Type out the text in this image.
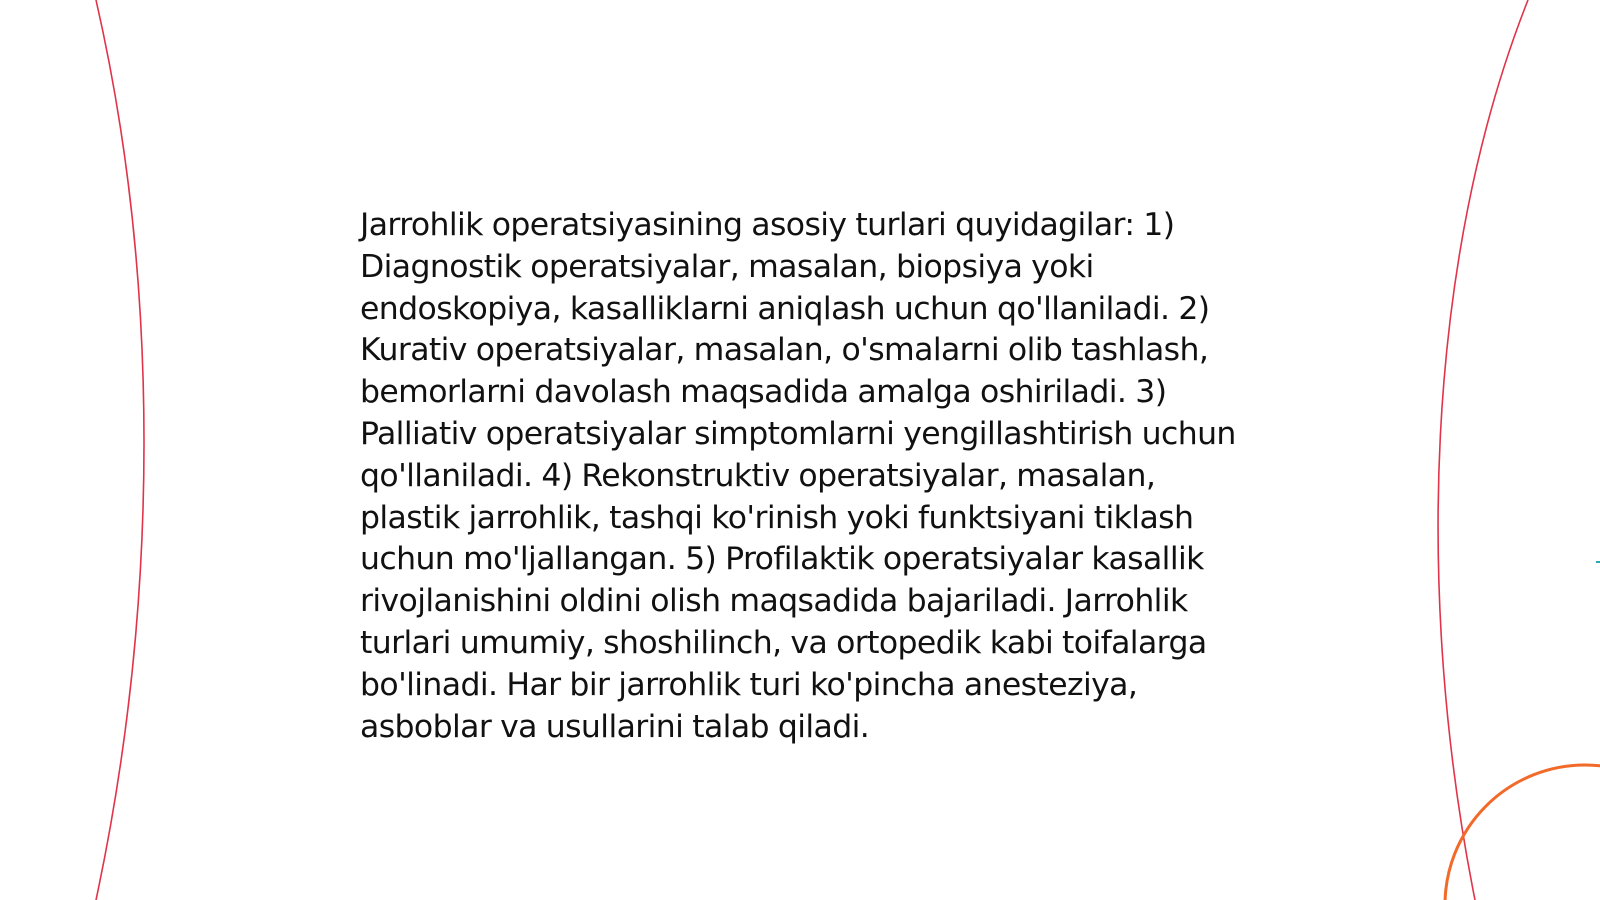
Jarrohlik operatsiyasining asosiy turlari quyidagilar: 1) Diagnostik operatsiyalar, masalan, biopsiya yoki endoskopiya, kasalliklarni aniqlash uchun qo'llaniladi. 2) Kurativ operatsiyalar, masalan, o'smalarni olib tashlash, bemorlarni davolash maqsadida amalga oshiriladi. 3) Palliativ operatsiyalar simptomlarni yengillashtirish uchun qo'llaniladi. 4) Rekonstruktiv operatsiyalar, masalan, plastik jarrohlik, tashqi ko'rinish yoki funktsiyani tiklash uchun mo'ljallangan. 5) Profilaktik operatsiyalar kasallik rivojlanishini oldini olish maqsadida bajariladi. Jarrohlik turlari umumiy, shoshilinch, va ortopedik kabi toifalarga bo'linadi. Har bir jarrohlik turi ko'pincha anesteziya, asboblar va usullarini talab qiladi.
